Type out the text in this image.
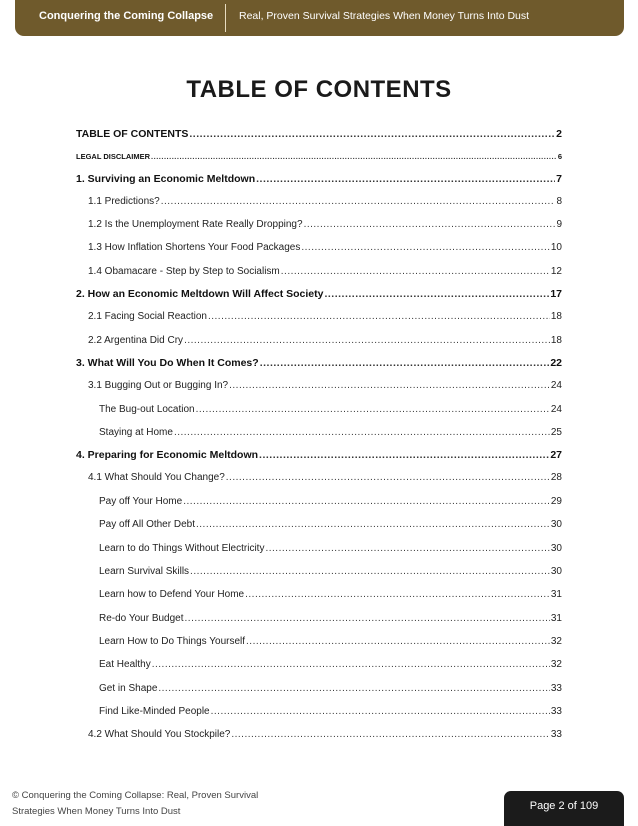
Conquering the Coming Collapse Real, Proven Survival Strategies When Money Turns Into Dust
TABLE OF CONTENTS
TABLE OF CONTENTS .....	2
LEGAL DISCLAIMER .....	6
1. Surviving an Economic Meltdown .....	7
1.1 Predictions? .....	8
1.2 Is the Unemployment Rate Really Dropping? .....	9
1.3 How Inflation Shortens Your Food Packages .....	10
1.4 Obamacare - Step by Step to Socialism .....	12
2. How an Economic Meltdown Will Affect Society .....	17
2.1 Facing Social Reaction .....	18
2.2 Argentina Did Cry .....	18
3. What Will You Do When It Comes? .....	22
3.1 Bugging Out or Bugging In? .....	24
The Bug-out Location .....	24
Staying at Home .....	25
4. Preparing for Economic Meltdown .....	27
4.1 What Should You Change? .....	28
Pay off Your Home .....	29
Pay off All Other Debt .....	30
Learn to do Things Without Electricity .....	30
Learn Survival Skills .....	30
Learn how to Defend Your Home .....	31
Re-do Your Budget .....	31
Learn How to Do Things Yourself .....	32
Eat Healthy .....	32
Get in Shape .....	33
Find Like-Minded People .....	33
4.2 What Should You Stockpile? .....	33
© Conquering the Coming Collapse: Real, Proven Survival
Strategies When Money Turns Into Dust	Page 2 of 109
